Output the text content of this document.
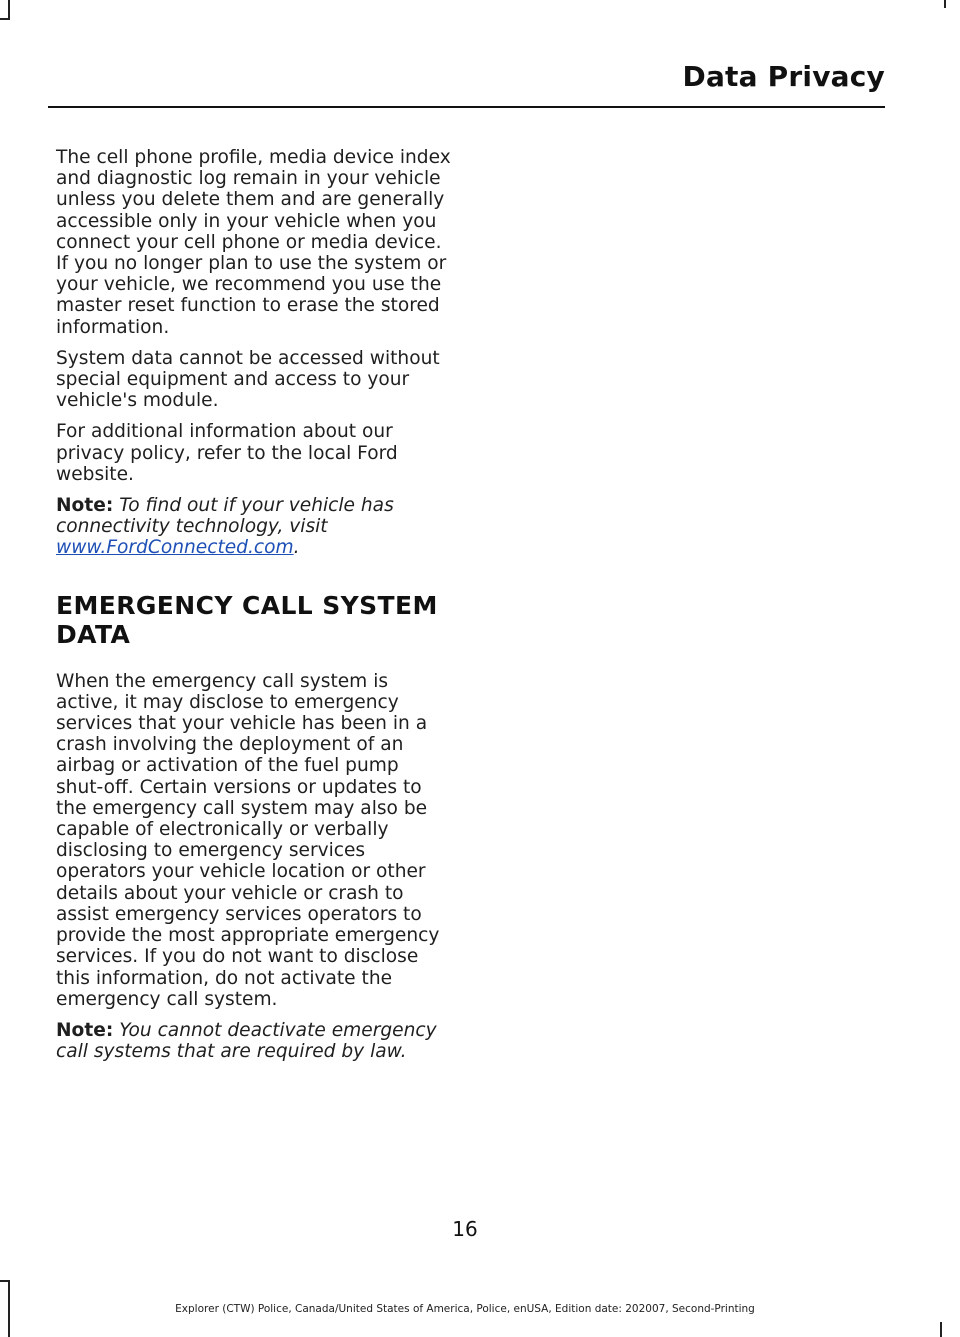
Data Privacy

The cell phone profile, media device index and diagnostic log remain in your vehicle unless you delete them and are generally accessible only in your vehicle when you connect your cell phone or media device. If you no longer plan to use the system or your vehicle, we recommend you use the master reset function to erase the stored information.

System data cannot be accessed without special equipment and access to your vehicle's module.

For additional information about our privacy policy, refer to the local Ford website.

Note: To find out if your vehicle has connectivity technology, visit www.FordConnected.com.

EMERGENCY CALL SYSTEM DATA

When the emergency call system is active, it may disclose to emergency services that your vehicle has been in a crash involving the deployment of an airbag or activation of the fuel pump shut-off. Certain versions or updates to the emergency call system may also be capable of electronically or verbally disclosing to emergency services operators your vehicle location or other details about your vehicle or crash to assist emergency services operators to provide the most appropriate emergency services. If you do not want to disclose this information, do not activate the emergency call system.

Note: You cannot deactivate emergency call systems that are required by law.

16
Explorer (CTW) Police, Canada/United States of America, Police, enUSA, Edition date: 202007, Second-Printing
